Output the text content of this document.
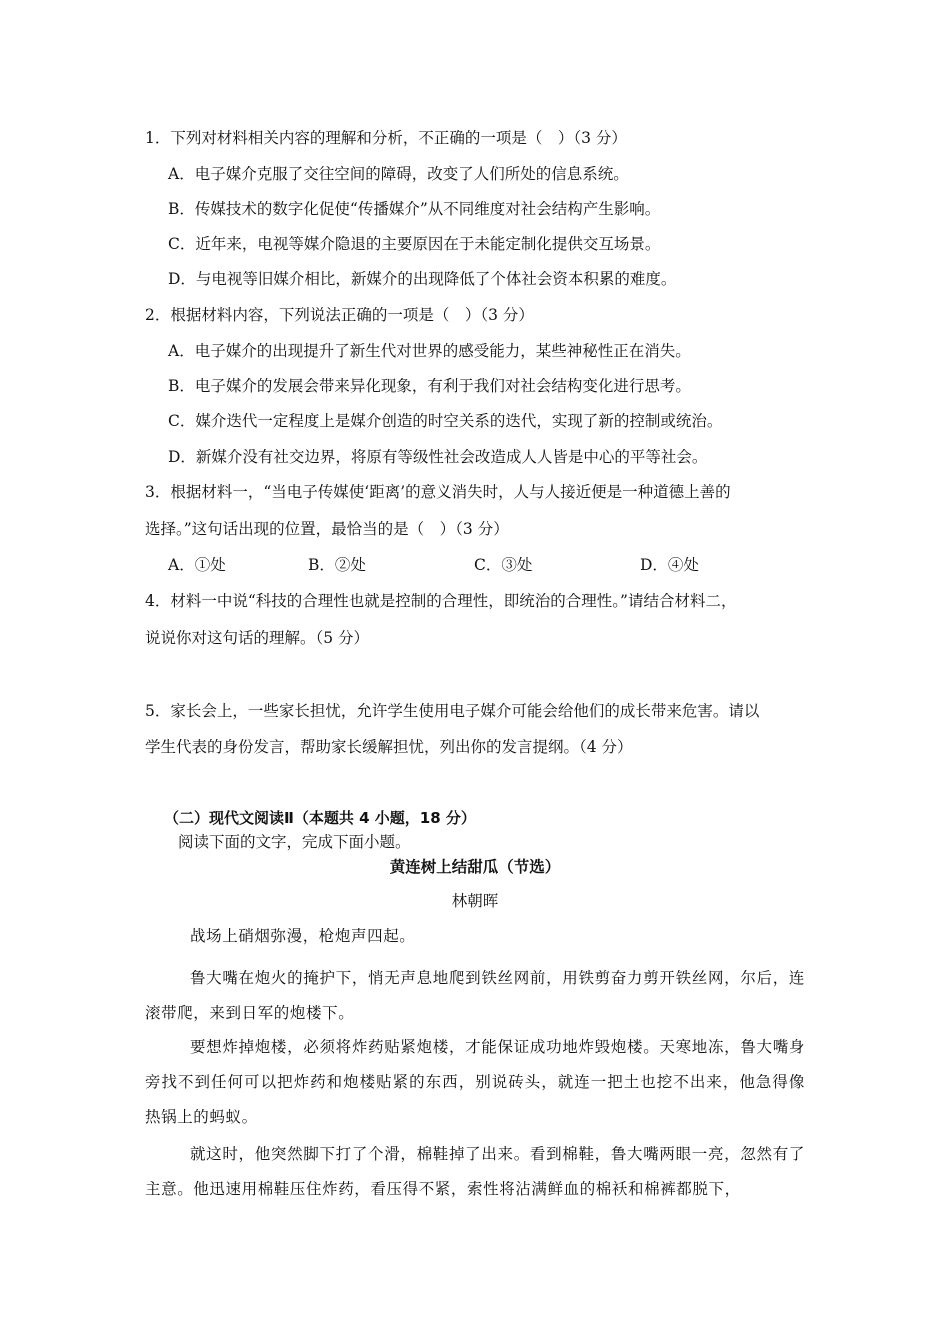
1．下列对材料相关内容的理解和分析，不正确的一项是（　）（3 分）
A．电子媒介克服了交往空间的障碍，改变了人们所处的信息系统。
B．传媒技术的数字化促使“传播媒介”从不同维度对社会结构产生影响。
C．近年来，电视等媒介隐退的主要原因在于未能定制化提供交互场景。
D．与电视等旧媒介相比，新媒介的出现降低了个体社会资本积累的难度。
2．根据材料内容，下列说法正确的一项是（　）（3 分）
A．电子媒介的出现提升了新生代对世界的感受能力，某些神秘性正在消失。
B．电子媒介的发展会带来异化现象，有利于我们对社会结构变化进行思考。
C．媒介迭代一定程度上是媒介创造的时空关系的迭代，实现了新的控制或统治。
D．新媒介没有社交边界，将原有等级性社会改造成人人皆是中心的平等社会。
3．根据材料一，“当电子传媒使‘距离’的意义消失时，人与人接近便是一种道德上善的
选择。”这句话出现的位置，最恰当的是（　）（3 分）
A．①处	B．②处	C．③处	D．④处
4．材料一中说“科技的合理性也就是控制的合理性，即统治的合理性。”请结合材料二，
说说你对这句话的理解。（5 分）
5．家长会上，一些家长担忧，允许学生使用电子媒介可能会给他们的成长带来危害。请以
学生代表的身份发言，帮助家长缓解担忧，列出你的发言提纲。（4 分）
（二）现代文阅读Ⅱ（本题共 4 小题，18 分）
阅读下面的文字，完成下面小题。
黄连树上结甜瓜（节选）
林朝晖
战场上硝烟弥漫，枪炮声四起。
鲁大嘴在炮火的掩护下，悄无声息地爬到铁丝网前，用铁剪奋力剪开铁丝网，尔后，连滚带爬，来到日军的炮楼下。
要想炸掉炮楼，必须将炸药贴紧炮楼，才能保证成功地炸毁炮楼。天寒地冻，鲁大嘴身旁找不到任何可以把炸药和炮楼贴紧的东西，别说砖头，就连一把土也挖不出来，他急得像热锅上的蚂蚁。
就这时，他突然脚下打了个滑，棉鞋掉了出来。看到棉鞋，鲁大嘴两眼一亮，忽然有了主意。他迅速用棉鞋压住炸药，看压得不紧，索性将沾满鲜血的棉袄和棉裤都脱下，
